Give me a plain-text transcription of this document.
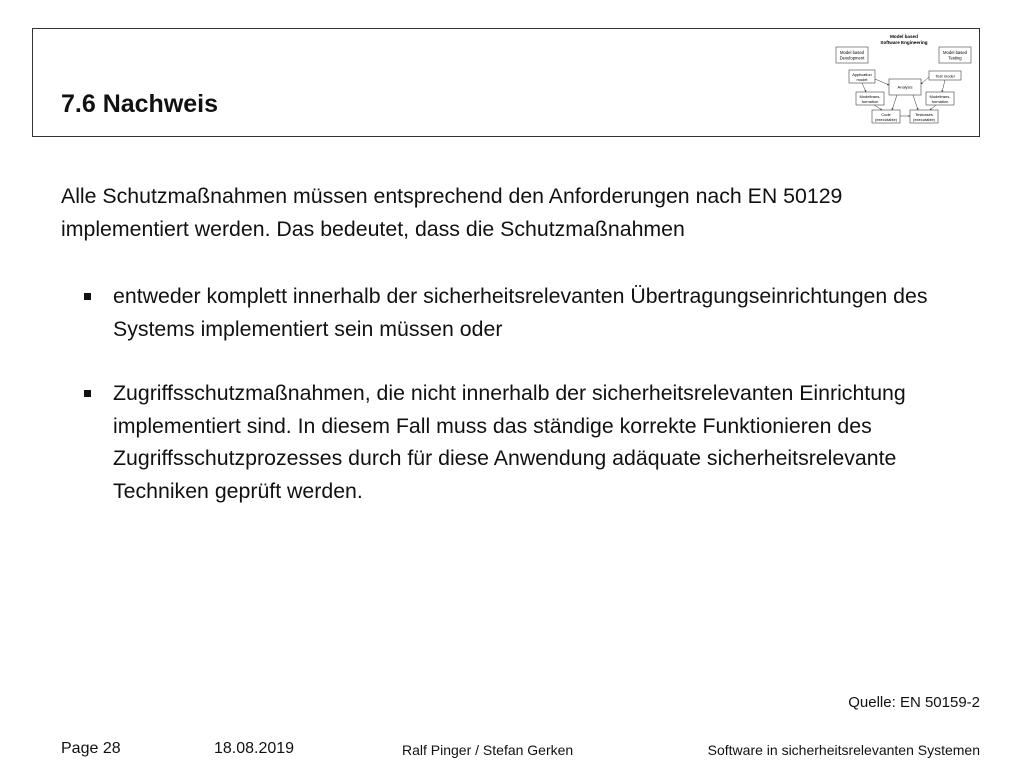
7.6 Nachweis
Model based
Software Engineering
Model based
Development
Model based
Testing
Application
model
Test model
Analysis
Modeltrans-
formation
Modeltrans-
formation
Code
(executable)
Testcases
(executable)

Alle Schutzmaßnahmen müssen entsprechend den Anforderungen nach EN 50129 implementiert werden. Das bedeutet, dass die Schutzmaßnahmen

entweder komplett innerhalb der sicherheitsrelevanten Übertragungseinrichtungen des Systems implementiert sein müssen oder
Zugriffsschutzmaßnahmen, die nicht innerhalb der sicherheitsrelevanten Einrichtung implementiert sind. In diesem Fall muss das ständige korrekte Funktionieren des Zugriffsschutzprozesses durch für diese Anwendung adäquate sicherheitsrelevante Techniken geprüft werden.
Quelle: EN 50159-2
Page 28	18.08.2019	Ralf Pinger / Stefan Gerken	Software in sicherheitsrelevanten Systemen
